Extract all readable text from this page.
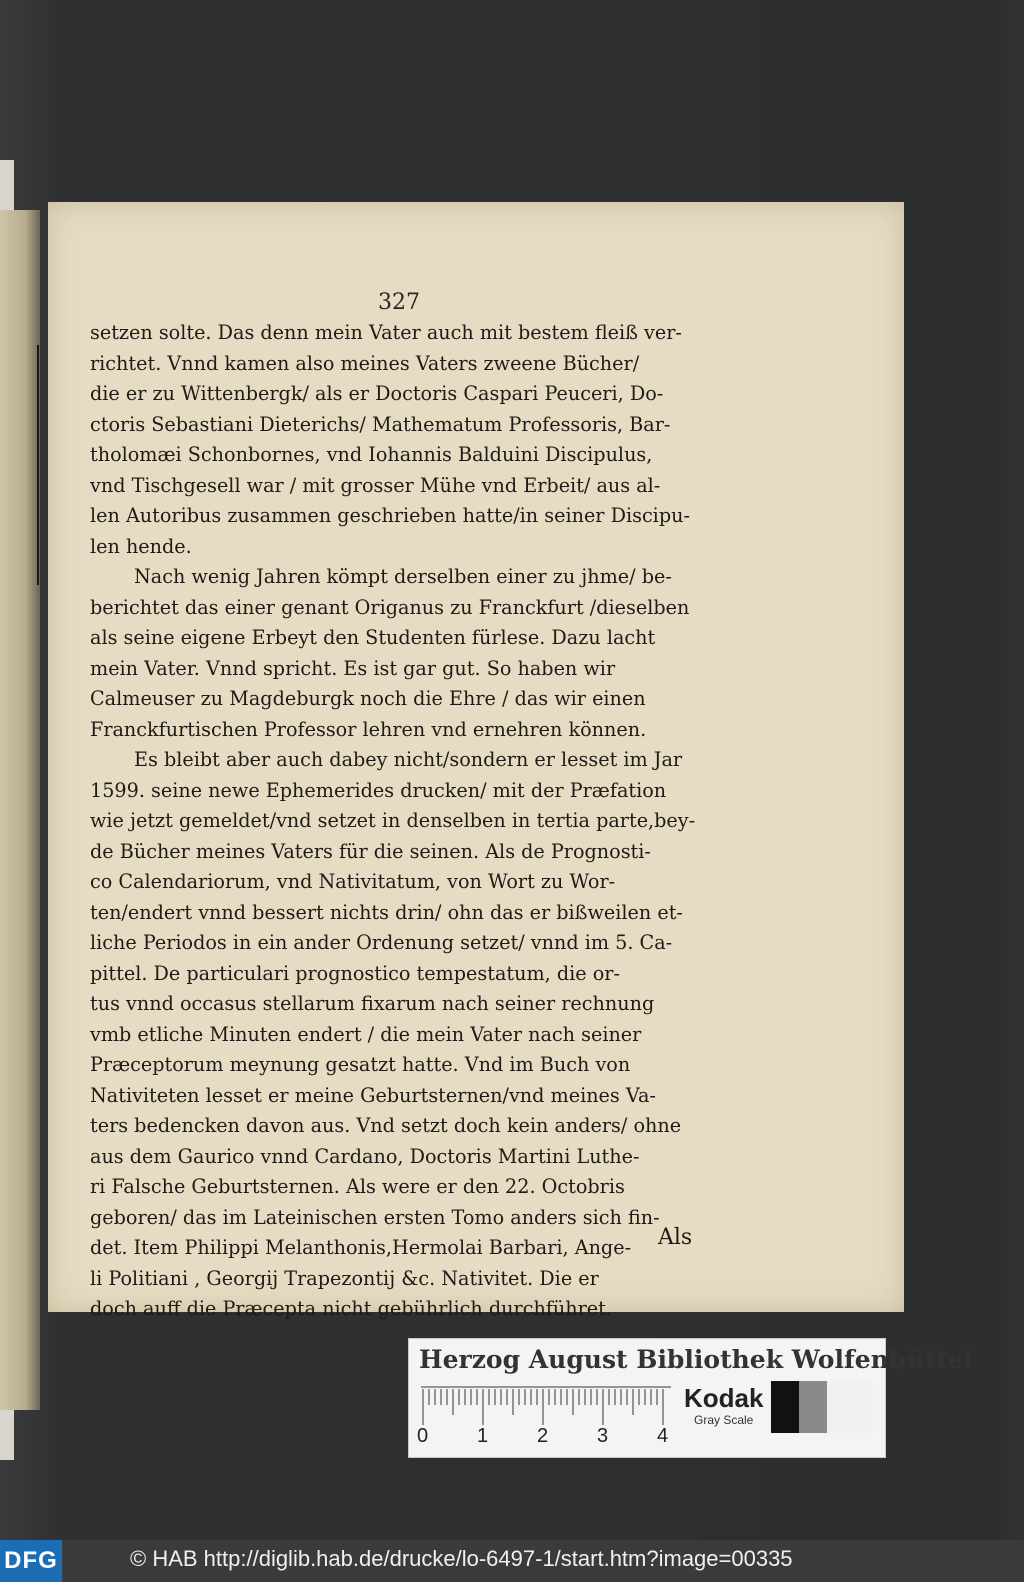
327
setzen solte. Das denn mein Vater auch mit bestem fleiß ver-
richtet. Vnnd kamen also meines Vaters zweene Bücher/
die er zu Wittenbergk/ als er Doctoris Caspari Peuceri, Do-
ctoris Sebastiani Dieterichs/ Mathematum Professoris, Bar-
tholomæi Schonbornes, vnd Iohannis Balduini Discipulus,
vnd Tischgesell war / mit grosser Mühe vnd Erbeit/ aus al-
len Autoribus zusammen geschrieben hatte/in seiner Discipu-
len hende.
Nach wenig Jahren kömpt derselben einer zu jhme/ be-
berichtet das einer genant Origanus zu Franckfurt /dieselben
als seine eigene Erbeyt den Studenten fürlese. Dazu lacht
mein Vater. Vnnd spricht. Es ist gar gut. So haben wir
Calmeuser zu Magdeburgk noch die Ehre / das wir einen
Franckfurtischen Professor lehren vnd ernehren können.
Es bleibt aber auch dabey nicht/sondern er lesset im Jar
1599. seine newe Ephemerides drucken/ mit der Præfation
wie jetzt gemeldet/vnd setzet in denselben in tertia parte,bey-
de Bücher meines Vaters für die seinen. Als de Prognosti-
co Calendariorum, vnd Nativitatum, von Wort zu Wor-
ten/endert vnnd bessert nichts drin/ ohn das er bißweilen et-
liche Periodos in ein ander Ordenung setzet/ vnnd im 5. Ca-
pittel. De particulari prognostico tempestatum, die or-
tus vnnd occasus stellarum fixarum nach seiner rechnung
vmb etliche Minuten endert / die mein Vater nach seiner
Præceptorum meynung gesatzt hatte. Vnd im Buch von
Nativiteten lesset er meine Geburtsternen/vnd meines Va-
ters bedencken davon aus. Vnd setzt doch kein anders/ ohne
aus dem Gaurico vnnd Cardano, Doctoris Martini Luthe-
ri Falsche Geburtsternen. Als were er den 22. Octobris
geboren/ das im Lateinischen ersten Tomo anders sich fin-
det. Item Philippi Melanthonis,Hermolai Barbari, Ange-
li Politiani , Georgij Trapezontij &c. Nativitet. Die er
doch auff die Præcepta nicht gebührlich durchführet.
Als
Herzog August Bibliothek Wolfenbüttel
0 1 2 3 4
Kodak
Gray Scale
DFG	© HAB http://diglib.hab.de/drucke/lo-6497-1/start.htm?image=00335
